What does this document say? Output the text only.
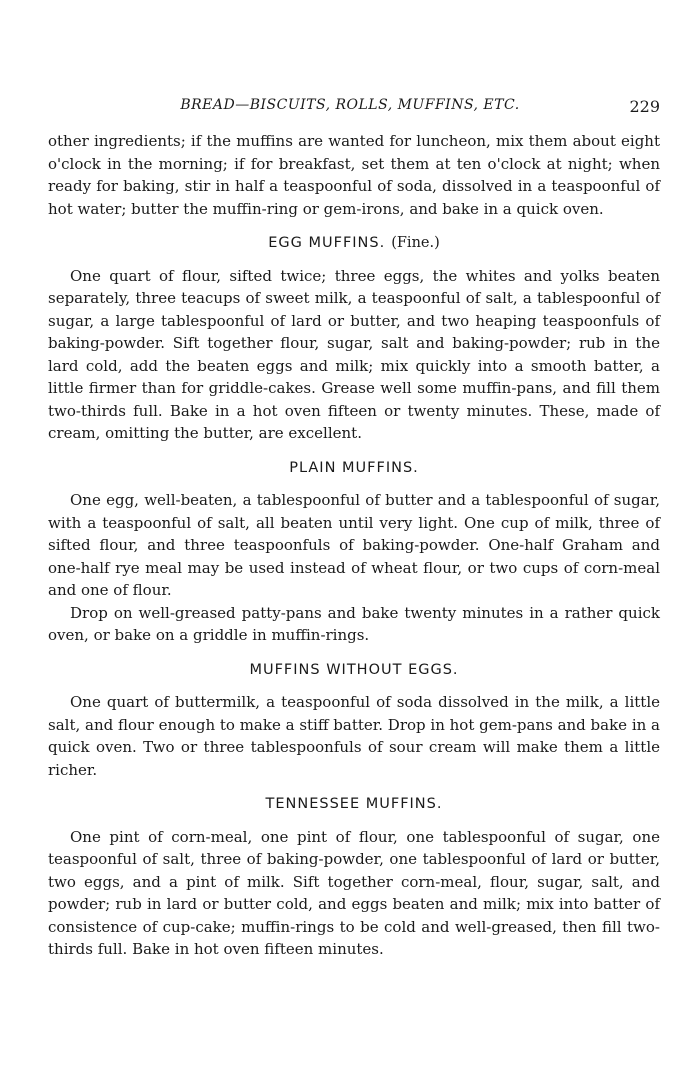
BREAD—BISCUITS, ROLLS, MUFFINS, ETC.	229

other ingredients; if the muffins are wanted for luncheon, mix them about eight o'clock in the morning; if for breakfast, set them at ten o'clock at night; when ready for baking, stir in half a teaspoonful of soda, dissolved in a teaspoonful of hot water; butter the muffin-ring or gem-irons, and bake in a quick oven.

EGG MUFFINS. (Fine.)

One quart of flour, sifted twice; three eggs, the whites and yolks beaten separately, three teacups of sweet milk, a teaspoonful of salt, a tablespoonful of sugar, a large tablespoonful of lard or butter, and two heaping teaspoonfuls of baking-powder. Sift together flour, sugar, salt and baking-powder; rub in the lard cold, add the beaten eggs and milk; mix quickly into a smooth batter, a little firmer than for griddle-cakes. Grease well some muffin-pans, and fill them two-thirds full. Bake in a hot oven fifteen or twenty minutes. These, made of cream, omitting the butter, are excellent.

PLAIN MUFFINS.

One egg, well-beaten, a tablespoonful of butter and a tablespoonful of sugar, with a teaspoonful of salt, all beaten until very light. One cup of milk, three of sifted flour, and three teaspoonfuls of baking-powder. One-half Graham and one-half rye meal may be used instead of wheat flour, or two cups of corn-meal and one of flour.

Drop on well-greased patty-pans and bake twenty minutes in a rather quick oven, or bake on a griddle in muffin-rings.

MUFFINS WITHOUT EGGS.

One quart of buttermilk, a teaspoonful of soda dissolved in the milk, a little salt, and flour enough to make a stiff batter. Drop in hot gem-pans and bake in a quick oven. Two or three tablespoonfuls of sour cream will make them a little richer.

TENNESSEE MUFFINS.

One pint of corn-meal, one pint of flour, one tablespoonful of sugar, one teaspoonful of salt, three of baking-powder, one tablespoonful of lard or butter, two eggs, and a pint of milk. Sift together corn-meal, flour, sugar, salt, and powder; rub in lard or butter cold, and eggs beaten and milk; mix into batter of consistence of cup-cake; muffin-rings to be cold and well-greased, then fill two-thirds full. Bake in hot oven fifteen minutes.
